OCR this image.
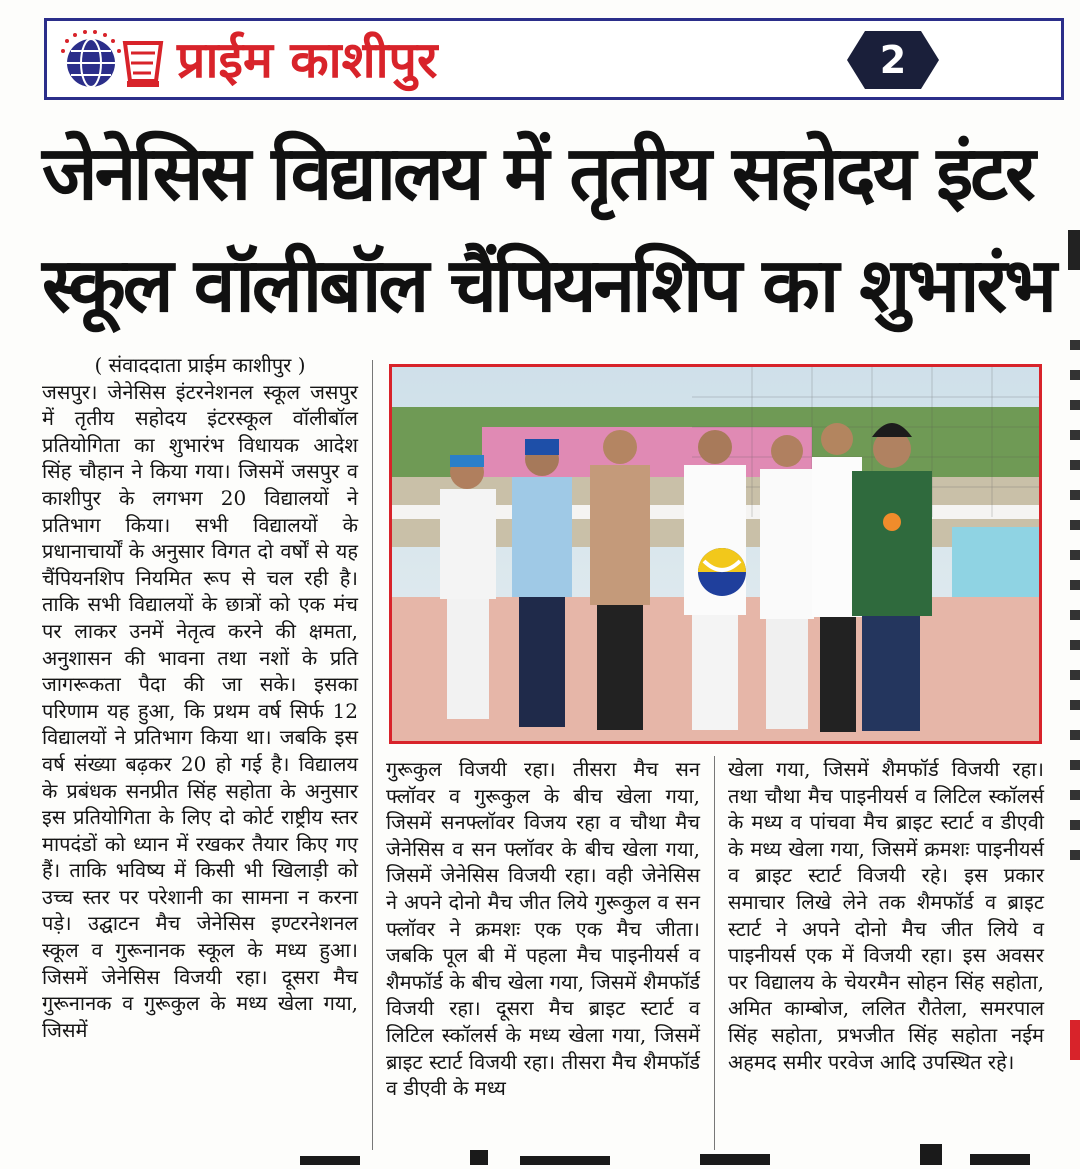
प्राईम काशीपुर	2
जेनेसिस विद्यालय में तृतीय सहोदय इंटर
स्कूल वॉलीबॉल चैंपियनशिप का शुभारंभ
( संवाददाता प्राईम काशीपुर )
जसपुर। जेनेसिस इंटरनेशनल स्कूल जसपुर में तृतीय सहोदय इंटरस्कूल वॉलीबॉल प्रतियोगिता का शुभारंभ विधायक आदेश सिंह चौहान ने किया गया। जिसमें जसपुर व काशीपुर के लगभग 20 विद्यालयों ने प्रतिभाग किया। सभी विद्यालयों के प्रधानाचार्यों के अनुसार विगत दो वर्षों से यह चैंपियनशिप नियमित रूप से चल रही है। ताकि सभी विद्यालयों के छात्रों को एक मंच पर लाकर उनमें नेतृत्व करने की क्षमता, अनुशासन की भावना तथा नशों के प्रति जागरूकता पैदा की जा सके। इसका परिणाम यह हुआ, कि प्रथम वर्ष सिर्फ 12 विद्यालयों ने प्रतिभाग किया था। जबकि इस वर्ष संख्या बढ़कर 20 हो गई है। विद्यालय के प्रबंधक सनप्रीत सिंह सहोता के अनुसार इस प्रतियोगिता के लिए दो कोर्ट राष्ट्रीय स्तर मापदंडों को ध्यान में रखकर तैयार किए गए हैं। ताकि भविष्य में किसी भी खिलाड़ी को उच्च स्तर पर परेशानी का सामना न करना पड़े। उद्घाटन मैच जेनेसिस इण्टरनेशनल स्कूल व गुरूनानक स्कूल के मध्य हुआ। जिसमें जेनेसिस विजयी रहा। दूसरा मैच गुरूनानक व गुरूकुल के मध्य खेला गया, जिसमें
गुरूकुल विजयी रहा। तीसरा मैच सन फ्लॉवर व गुरूकुल के बीच खेला गया, जिसमें सनफ्लॉवर विजय रहा व चौथा मैच जेनेसिस व सन फ्लॉवर के बीच खेला गया, जिसमें जेनेसिस विजयी रहा। वही जेनेसिस ने अपने दोनो मैच जीत लिये गुरूकुल व सन फ्लॉवर ने क्रमशः एक एक मैच जीता। जबकि पूल बी में पहला मैच पाइनीयर्स व शैमफॉर्ड के बीच खेला गया, जिसमें शैमफॉर्ड विजयी रहा। दूसरा मैच ब्राइट स्टार्ट व लिटिल स्कॉलर्स के मध्य खेला गया, जिसमें ब्राइट स्टार्ट विजयी रहा। तीसरा मैच शैमफॉर्ड व डीएवी के मध्य
खेला गया, जिसमें शैमफॉर्ड विजयी रहा। तथा चौथा मैच पाइनीयर्स व लिटिल स्कॉलर्स के मध्य व पांचवा मैच ब्राइट स्टार्ट व डीएवी के मध्य खेला गया, जिसमें क्रमशः पाइनीयर्स व ब्राइट स्टार्ट विजयी रहे। इस प्रकार समाचार लिखे लेने तक शैमफॉर्ड व ब्राइट स्टार्ट ने अपने दोनो मैच जीत लिये व पाइनीयर्स एक में विजयी रहा। इस अवसर पर विद्यालय के चेयरमैन सोहन सिंह सहोता, अमित काम्बोज, ललित रौतेला, समरपाल सिंह सहोता, प्रभजीत सिंह सहोता नईम अहमद समीर परवेज आदि उपस्थित रहे।
